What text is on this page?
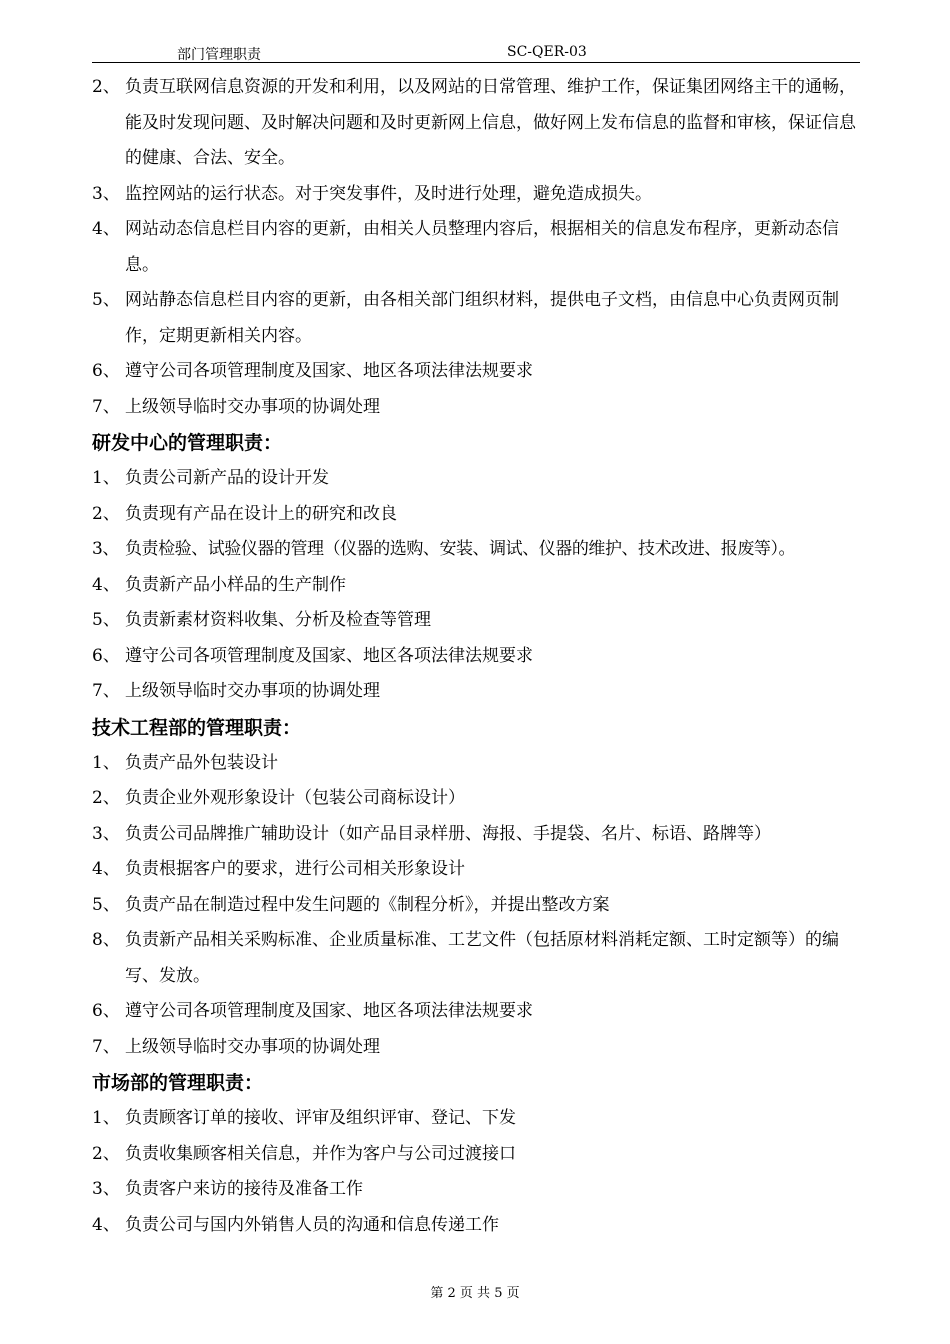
部门管理职责	SC-QER-03

2、 负责互联网信息资源的开发和利用，以及网站的日常管理、维护工作，保证集团网络主干的通畅，能及时发现问题、及时解决问题和及时更新网上信息，做好网上发布信息的监督和审核，保证信息的健康、合法、安全。

3、 监控网站的运行状态。对于突发事件，及时进行处理，避免造成损失。

4、 网站动态信息栏目内容的更新，由相关人员整理内容后，根据相关的信息发布程序，更新动态信息。

5、 网站静态信息栏目内容的更新，由各相关部门组织材料，提供电子文档，由信息中心负责网页制作，定期更新相关内容。

6、 遵守公司各项管理制度及国家、地区各项法律法规要求

7、 上级领导临时交办事项的协调处理

研发中心的管理职责：

1、 负责公司新产品的设计开发

2、 负责现有产品在设计上的研究和改良

3、 负责检验、试验仪器的管理（仪器的选购、安装、调试、仪器的维护、技术改进、报废等）。

4、 负责新产品小样品的生产制作

5、 负责新素材资料收集、分析及检查等管理

6、 遵守公司各项管理制度及国家、地区各项法律法规要求

7、 上级领导临时交办事项的协调处理

技术工程部的管理职责：

1、 负责产品外包装设计

2、 负责企业外观形象设计（包装公司商标设计）

3、 负责公司品牌推广辅助设计（如产品目录样册、海报、手提袋、名片、标语、路牌等）

4、 负责根据客户的要求，进行公司相关形象设计

5、 负责产品在制造过程中发生问题的《制程分析》，并提出整改方案

8、 负责新产品相关采购标准、企业质量标准、工艺文件（包括原材料消耗定额、工时定额等）的编写、发放。

6、 遵守公司各项管理制度及国家、地区各项法律法规要求

7、 上级领导临时交办事项的协调处理

市场部的管理职责：

1、 负责顾客订单的接收、评审及组织评审、登记、下发

2、 负责收集顾客相关信息，并作为客户与公司过渡接口

3、 负责客户来访的接待及准备工作

4、 负责公司与国内外销售人员的沟通和信息传递工作

第 2 页 共 5 页
